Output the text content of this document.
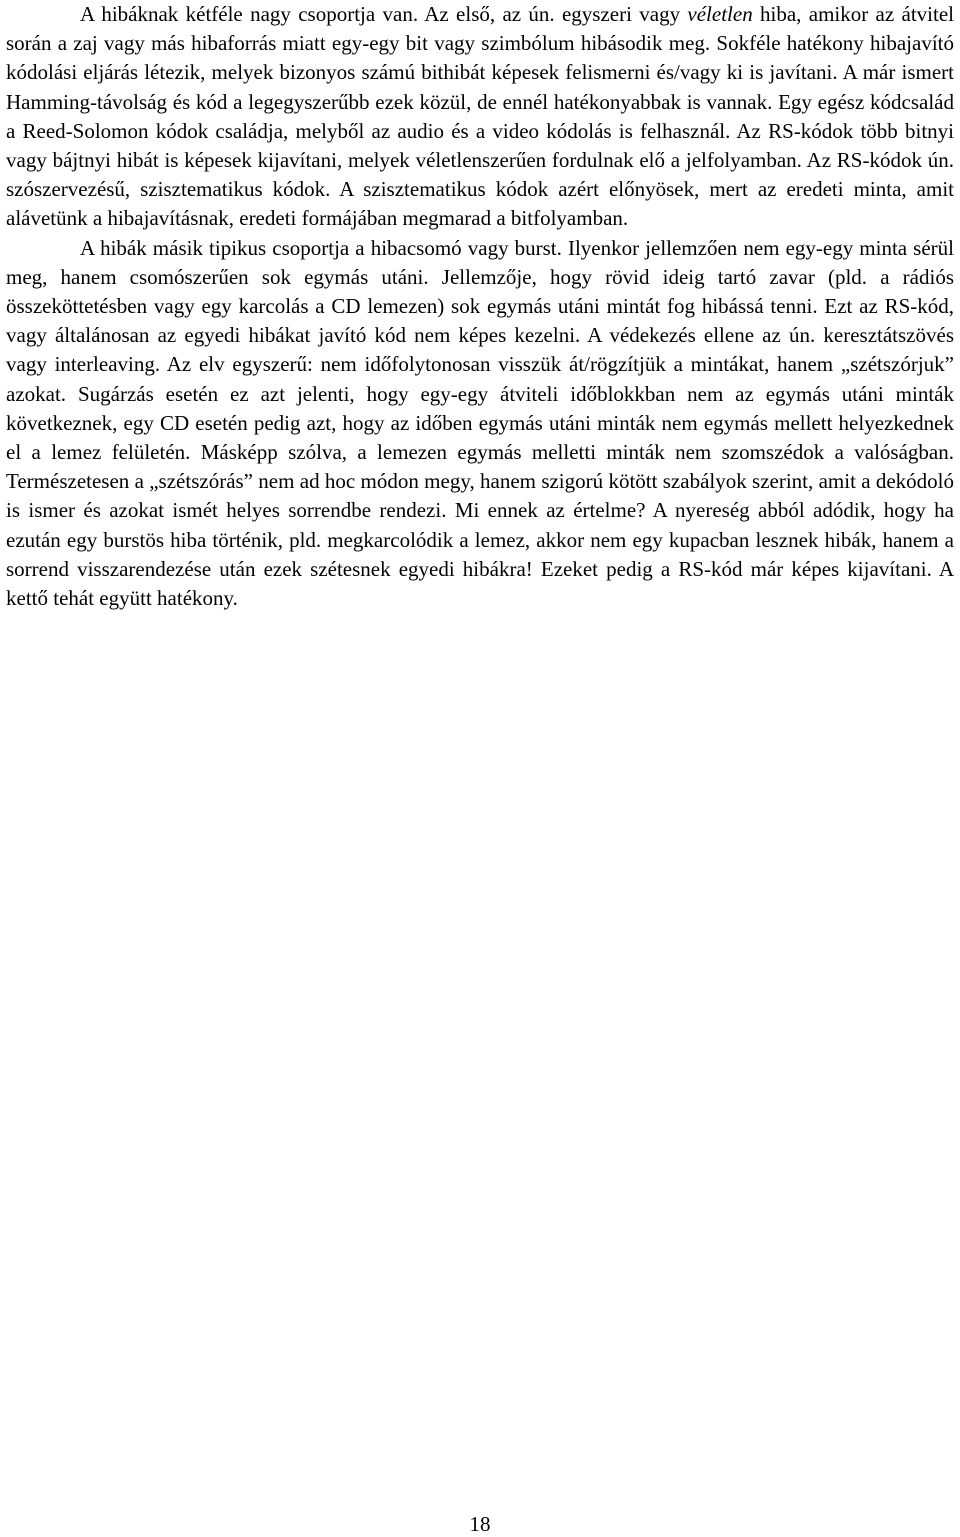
A hibáknak kétféle nagy csoportja van. Az első, az ún. egyszeri vagy véletlen hiba, amikor az átvitel során a zaj vagy más hibaforrás miatt egy-egy bit vagy szimbólum hibásodik meg. Sokféle hatékony hibajavító kódolási eljárás létezik, melyek bizonyos számú bithibát képesek felismerni és/vagy ki is javítani. A már ismert Hamming-távolság és kód a legegyszerűbb ezek közül, de ennél hatékonyabbak is vannak. Egy egész kódcsalád a Reed-Solomon kódok családja, melyből az audio és a video kódolás is felhasznál. Az RS-kódok több bitnyi vagy bájtnyi hibát is képesek kijavítani, melyek véletlenszerűen fordulnak elő a jelfolyamban. Az RS-kódok ún. szószervezésű, szisztematikus kódok. A szisztematikus kódok azért előnyösek, mert az eredeti minta, amit alávetünk a hibajavításnak, eredeti formájában megmarad a bitfolyamban.

A hibák másik tipikus csoportja a hibacsomó vagy burst. Ilyenkor jellemzően nem egy-egy minta sérül meg, hanem csomószerűen sok egymás utáni. Jellemzője, hogy rövid ideig tartó zavar (pld. a rádiós összeköttetésben vagy egy karcolás a CD lemezen) sok egymás utáni mintát fog hibássá tenni. Ezt az RS-kód, vagy általánosan az egyedi hibákat javító kód nem képes kezelni. A védekezés ellene az ún. keresztátszövés vagy interleaving. Az elv egyszerű: nem időfolytonosan visszük át/rögzítjük a mintákat, hanem „szétszórjuk” azokat. Sugárzás esetén ez azt jelenti, hogy egy-egy átviteli időblokkban nem az egymás utáni minták következnek, egy CD esetén pedig azt, hogy az időben egymás utáni minták nem egymás mellett helyezkednek el a lemez felületén. Másképp szólva, a lemezen egymás melletti minták nem szomszédok a valóságban. Természetesen a „szétszórás” nem ad hoc módon megy, hanem szigorú kötött szabályok szerint, amit a dekódoló is ismer és azokat ismét helyes sorrendbe rendezi. Mi ennek az értelme? A nyereség abból adódik, hogy ha ezután egy burstös hiba történik, pld. megkarcolódik a lemez, akkor nem egy kupacban lesznek hibák, hanem a sorrend visszarendezése után ezek szétesnek egyedi hibákra! Ezeket pedig a RS-kód már képes kijavítani. A kettő tehát együtt hatékony.

18
